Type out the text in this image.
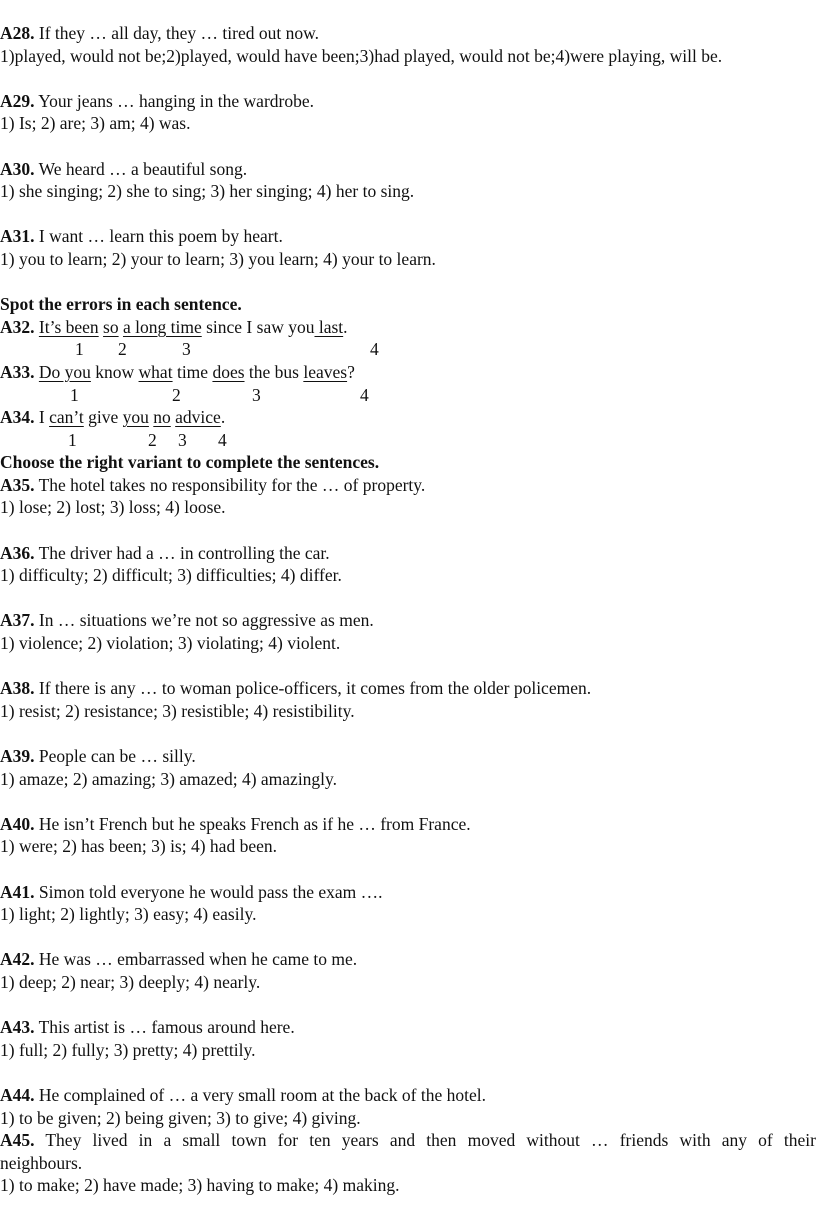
A28. If they … all day, they … tired out now.
1)played, would not be;2)played, would have been;3)had played, would not be;4)were playing, will be.
A29. Your jeans … hanging in the wardrobe.
1) Is; 2) are; 3) am; 4) was.
A30. We heard … a beautiful song.
1) she singing; 2) she to sing; 3) her singing; 4) her to sing.
A31. I want … learn this poem by heart.
1) you to learn; 2) your to learn; 3) you learn; 4) your to learn.
Spot the errors in each sentence.
A32. It’s been so a long time since I saw you last.
1 2	3	4
A33. Do you know what time does the bus leaves?
1	2	3	4
A34. I can’t give you no advice.
1	2 3 4
Choose the right variant to complete the sentences.
A35. The hotel takes no responsibility for the … of property.
1) lose; 2) lost; 3) loss; 4) loose.
A36. The driver had a … in controlling the car.
1) difficulty; 2) difficult; 3) difficulties; 4) differ.
A37. In … situations we’re not so aggressive as men.
1) violence; 2) violation; 3) violating; 4) violent.
A38. If there is any … to woman police-officers, it comes from the older policemen.
1) resist; 2) resistance; 3) resistible; 4) resistibility.
A39. People can be … silly.
1) amaze; 2) amazing; 3) amazed; 4) amazingly.
A40. He isn’t French but he speaks French as if he … from France.
1) were; 2) has been; 3) is; 4) had been.
A41. Simon told everyone he would pass the exam ….
1) light; 2) lightly; 3) easy; 4) easily.
A42. He was … embarrassed when he came to me.
1) deep; 2) near; 3) deeply; 4) nearly.
A43. This artist is … famous around here.
1) full; 2) fully; 3) pretty; 4) prettily.
A44. He complained of … a very small room at the back of the hotel.
1) to be given; 2) being given; 3) to give; 4) giving.
A45. They lived in a small town for ten years and then moved without … friends with any of their
neighbours.
1) to make; 2) have made; 3) having to make; 4) making.
